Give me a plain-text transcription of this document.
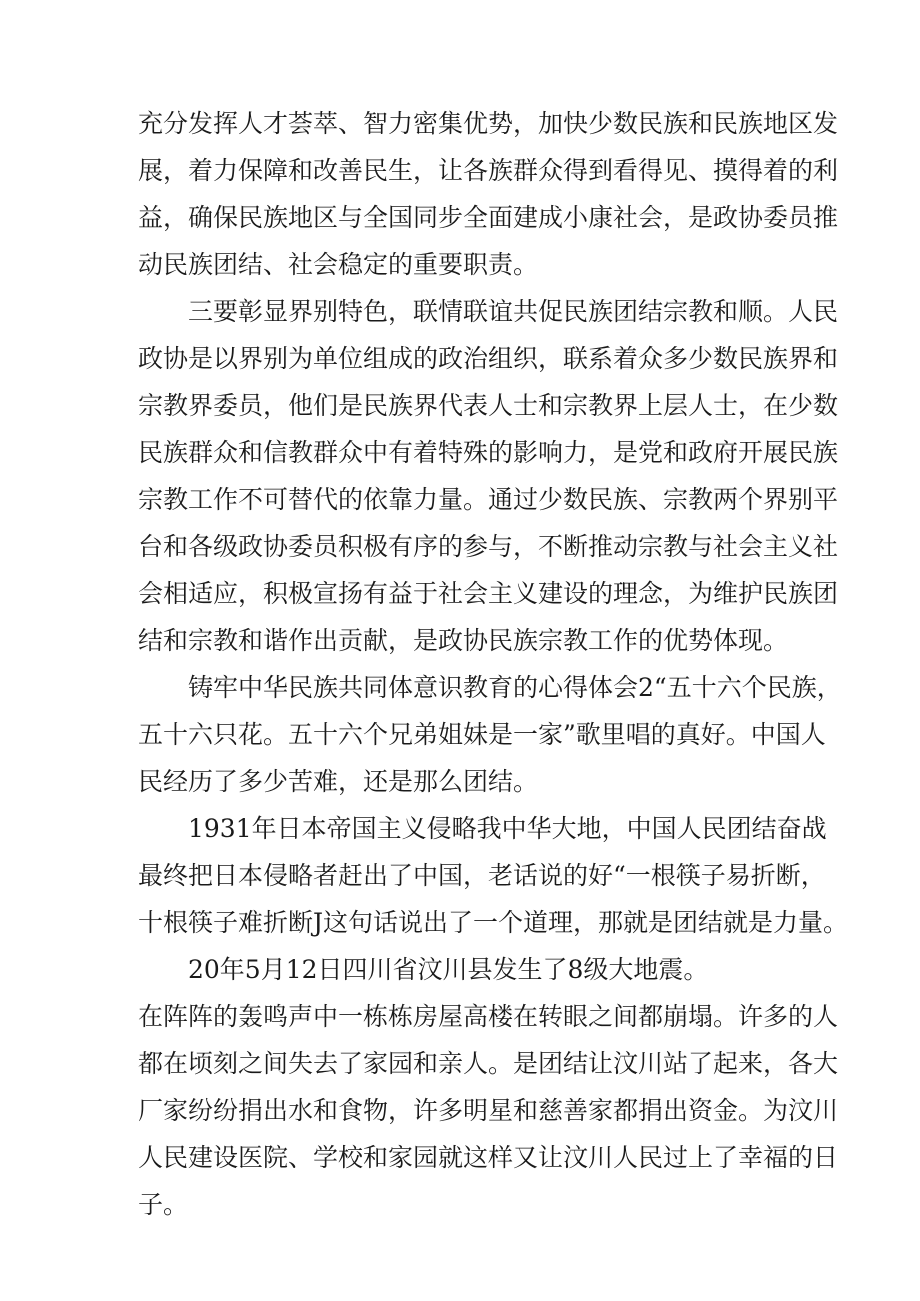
充分发挥人才荟萃、智力密集优势，加快少数民族和民族地区发
展，着力保障和改善民生，让各族群众得到看得见、摸得着的利
益，确保民族地区与全国同步全面建成小康社会，是政协委员推
动民族团结、社会稳定的重要职责。

三要彰显界别特色，联情联谊共促民族团结宗教和顺。人民
政协是以界别为单位组成的政治组织，联系着众多少数民族界和
宗教界委员，他们是民族界代表人士和宗教界上层人士，在少数
民族群众和信教群众中有着特殊的影响力，是党和政府开展民族
宗教工作不可替代的依靠力量。通过少数民族、宗教两个界别平
台和各级政协委员积极有序的参与，不断推动宗教与社会主义社
会相适应，积极宣扬有益于社会主义建设的理念，为维护民族团
结和宗教和谐作出贡献，是政协民族宗教工作的优势体现。

铸牢中华民族共同体意识教育的心得体会2“五十六个民族，
五十六只花。五十六个兄弟姐妹是一家”歌里唱的真好。中国人
民经历了多少苦难，还是那么团结。

1931年日本帝国主义侵略我中华大地，中国人民团结奋战
最终把日本侵略者赶出了中国，老话说的好“一根筷子易折断，
十根筷子难折断J这句话说出了一个道理，那就是团结就是力量。

20年5月12日四川省汶川县发生了8级大地震。

在阵阵的轰鸣声中一栋栋房屋高楼在转眼之间都崩塌。许多的人
都在顷刻之间失去了家园和亲人。是团结让汶川站了起来，各大
厂家纷纷捐出水和食物，许多明星和慈善家都捐出资金。为汶川
人民建设医院、学校和家园就这样又让汶川人民过上了幸福的日
子。
